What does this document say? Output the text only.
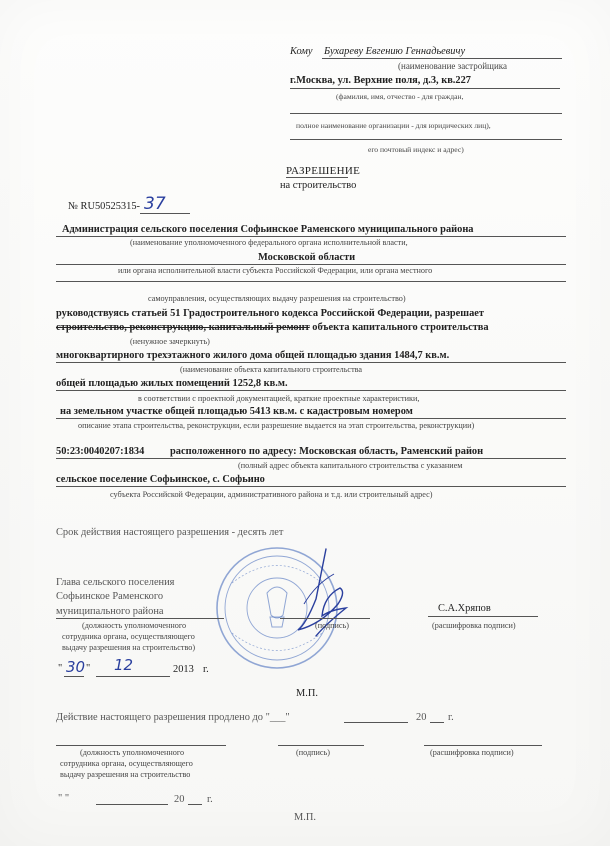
Кому Бухареву Евгению Геннадьевичу
(наименование застройщика
г.Москва, ул. Верхние поля, д.3, кв.227
(фамилия, имя, отчество - для граждан,
полное наименование организации - для юридических лиц),
его почтовый индекс и адрес)
РАЗРЕШЕНИЕ
на строительство
№ RU50525315- 37
Администрация сельского поселения Софьинское Раменского муниципального района
(наименование уполномоченного федерального органа исполнительной власти,
Московской области
или органа исполнительной власти субъекта Российской Федерации, или органа местного
самоуправления, осуществляющих выдачу разрешения на строительство)
руководствуясь статьей 51 Градостроительного кодекса Российской Федерации, разрешает
строительство, реконструкцию, капитальный ремонт объекта капитального строительства
(ненужное зачеркнуть)
многоквартирного трехэтажного жилого дома общей площадью здания 1484,7 кв.м.
(наименование объекта капитального строительства
общей площадью жилых помещений 1252,8 кв.м.
в соответствии с проектной документацией, краткие проектные характеристики,
на земельном участке общей площадью 5413 кв.м. с кадастровым номером
описание этапа строительства, реконструкции, если разрешение выдается на этап строительства, реконструкции)
50:23:0040207:1834 расположенного по адресу: Московская область, Раменский район
(полный адрес объекта капитального строительства с указанием
сельское поселение Софьинское, с. Софьино
субъекта Российской Федерации, административного района и т.д. или строительный адрес)
Срок действия настоящего разрешения - десять лет
Глава сельского поселения
Софьинское Раменского
муниципального района
(должность уполномоченного
сотрудника органа, осуществляющего
выдачу разрешения на строительство)
(подпись)
С.А.Хряпов
(расшифровка подписи)
" 30 " 12	2013 г.
М.П.
Действие настоящего разрешения продлено до "___"	20 г.
(должность уполномоченного
сотрудника органа, осуществляющего
выдачу разрешения на строительство
(подпись)	(расшифровка подписи)
" "	20 г.
М.П.
